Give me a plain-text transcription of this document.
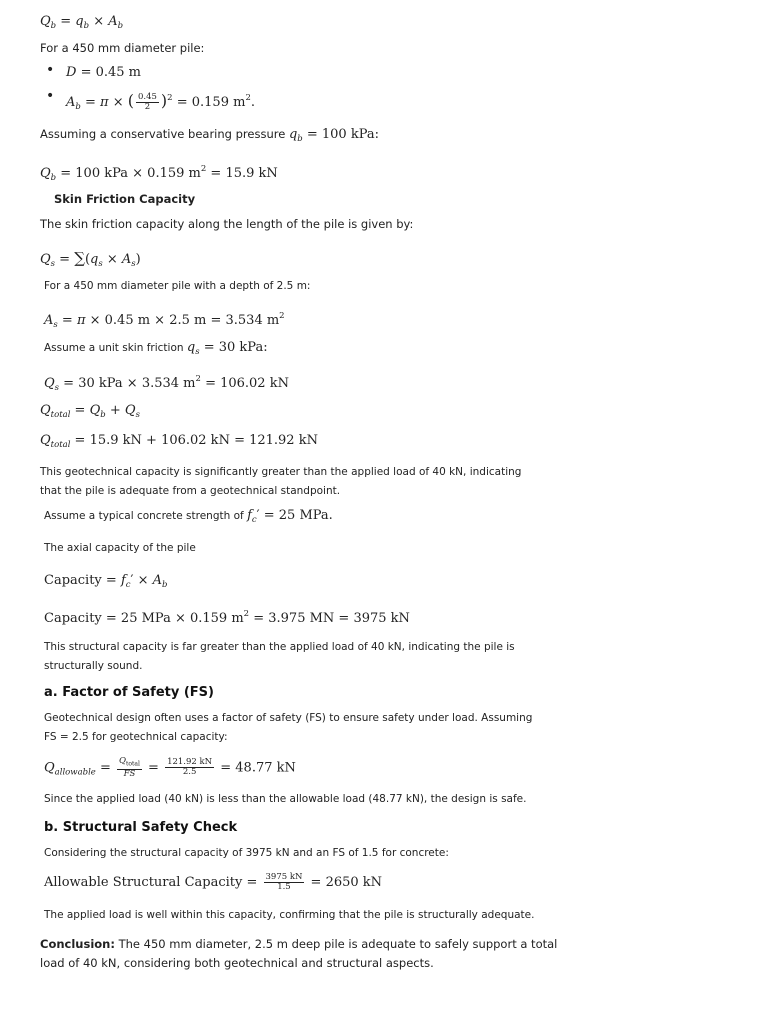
$Q_b = q_b \times A_b$
For a 450 mm diameter pile:
• D = 0.45 m
• $A_b = \pi$ × ( $\frac{0.45}{2} )^2 = 0.159$ $m^2$.
Assuming a conservative bearing pressure $q_b = 100$ kPa:
$Q_b = 100$ kPa × 0.159 $m^2 = 15.9$ kN
Skin Friction Capacity
The skin friction capacity along the length of the pile is given by:
$Q_s = \sum(q_s \times A_s)$
For a 450 mm diameter pile with a depth of 2.5 m:
$A_s = \pi \times 0.45$ m × 2.5 m = 3.534 $m^2$
Assume a unit skin friction $q_s = 30$ kPa:
$Q_s = 30$ kPa × 3.534 $m^2 = 106.02$ kN
$Q_{total} = Q_b + Q_s$
$Q_{total} = 15.9$ kN + 106.02 kN = 121.92 kN
This geotechnical capacity is significantly greater than the applied load of 40 kN, indicating that the pile is adequate from a geotechnical standpoint.
Assume a typical concrete strength of $f_c' = 25$ MPa.
The axial capacity of the pile
Capacity = $f_c' \times A_b$
Capacity = 25 MPa × 0.159 $m^2 = 3.975$ MN = 3975 kN
This structural capacity is far greater than the applied load of 40 kN, indicating the pile is structurally sound.
a. Factor of Safety (FS)
Geotechnical design often uses a factor of safety (FS) to ensure safety under load. Assuming FS = 2.5 for geotechnical capacity:
$Q_{allowable} = \frac{Q_{total}}{FS} = \frac{121.92 kN}{2.5} = 48.77$ kN
Since the applied load (40 kN) is less than the allowable load (48.77 kN), the design is safe.
b. Structural Safety Check
Considering the structural capacity of 3975 kN and an FS of 1.5 for concrete:
Allowable Structural Capacity = $\frac{3975 kN}{1.5} = 2650$ kN
The applied load is well within this capacity, confirming that the pile is structurally adequate.
Conclusion: The 450 mm diameter, 2.5 m deep pile is adequate to safely support a total load of 40 kN, considering both geotechnical and structural aspects.
